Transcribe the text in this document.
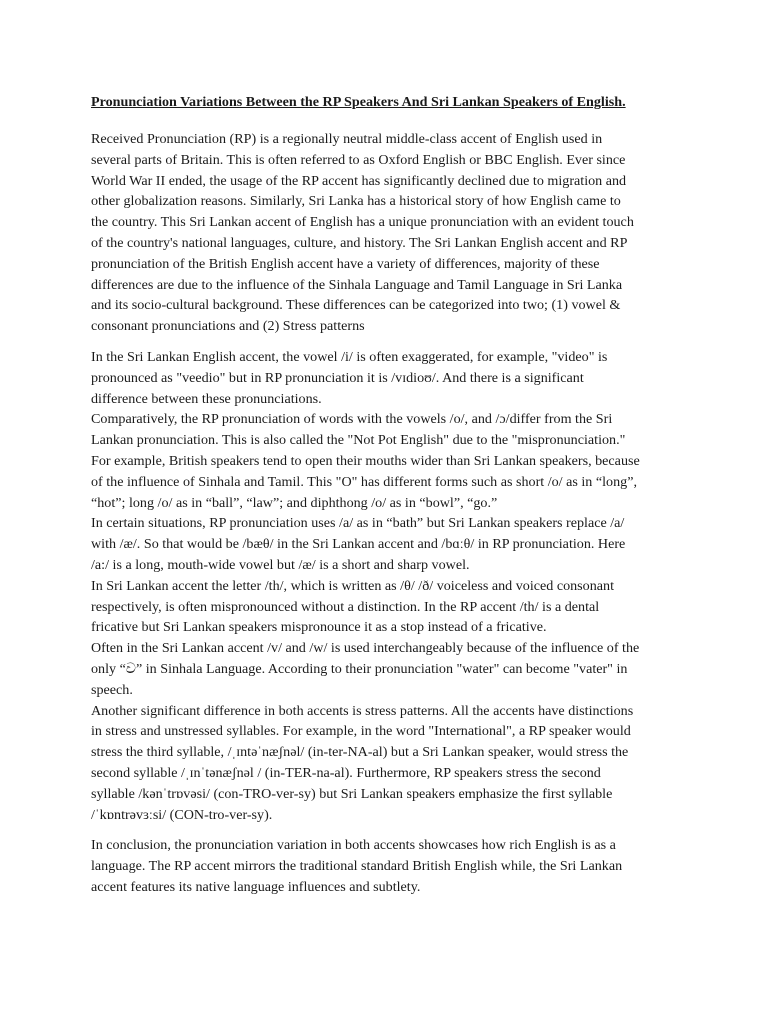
Pronunciation Variations Between the RP Speakers And Sri Lankan Speakers of English.
Received Pronunciation (RP) is a regionally neutral middle-class accent of English used in
several parts of Britain. This is often referred to as Oxford English or BBC English. Ever since
World War II ended, the usage of the RP accent has significantly declined due to migration and
other globalization reasons. Similarly, Sri Lanka has a historical story of how English came to
the country. This Sri Lankan accent of English has a unique pronunciation with an evident touch
of the country's national languages, culture, and history. The Sri Lankan English accent and RP
pronunciation of the British English accent have a variety of differences, majority of these
differences are due to the influence of the Sinhala Language and Tamil Language in Sri Lanka
and its socio-cultural background. These differences can be categorized into two; (1) vowel &
consonant pronunciations and (2) Stress patterns
In the Sri Lankan English accent, the vowel /i/ is often exaggerated, for example, "video" is
pronounced as "veedio" but in RP pronunciation it is /vɪdioʊ/. And there is a significant
difference between these pronunciations.
Comparatively, the RP pronunciation of words with the vowels /o/, and /ɔ/differ from the Sri
Lankan pronunciation. This is also called the "Not Pot English" due to the "mispronunciation."
For example, British speakers tend to open their mouths wider than Sri Lankan speakers, because
of the influence of Sinhala and Tamil. This "O" has different forms such as short /o/ as in “long”,
“hot”; long /o/ as in “ball”, “law”; and diphthong /o/ as in “bowl”, “go.”
In certain situations, RP pronunciation uses /a/ as in “bath” but Sri Lankan speakers replace /a/
with /æ/. So that would be /bæθ/ in the Sri Lankan accent and /bɑːθ/ in RP pronunciation. Here
/a:/ is a long, mouth-wide vowel but /æ/ is a short and sharp vowel.
In Sri Lankan accent the letter /th/, which is written as /θ/ /ð/ voiceless and voiced consonant
respectively, is often mispronounced without a distinction. In the RP accent /th/ is a dental
fricative but Sri Lankan speakers mispronounce it as a stop instead of a fricative.
Often in the Sri Lankan accent /v/ and /w/ is used interchangeably because of the influence of the
only “ව” in Sinhala Language. According to their pronunciation "water" can become "vater" in
speech.
Another significant difference in both accents is stress patterns. All the accents have distinctions
in stress and unstressed syllables. For example, in the word "International", a RP speaker would
stress the third syllable, /ˌɪntəˈnæʃnəl/ (in-ter-NA-al) but a Sri Lankan speaker, would stress the
second syllable /ˌɪnˈtənæʃnəl / (in-TER-na-al). Furthermore, RP speakers stress the second
syllable /kənˈtrɒvəsi/ (con-TRO-ver-sy) but Sri Lankan speakers emphasize the first syllable
/ˈkɒntrəvɜːsi/ (CON-tro-ver-sy).
In conclusion, the pronunciation variation in both accents showcases how rich English is as a
language. The RP accent mirrors the traditional standard British English while, the Sri Lankan
accent features its native language influences and subtlety.
